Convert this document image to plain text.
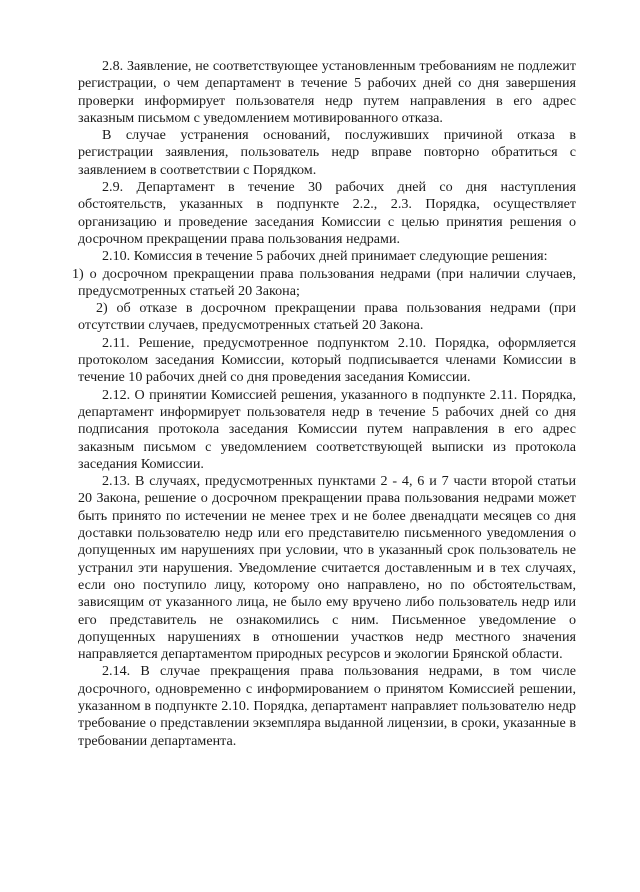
2.8. Заявление, не соответствующее установленным требованиям не подлежит регистрации, о чем департамент в течение 5 рабочих дней со дня завершения проверки информирует пользователя недр путем направления в его адрес заказным письмом с уведомлением мотивированного отказа.

В случае устранения оснований, послуживших причиной отказа в регистрации заявления, пользователь недр вправе повторно обратиться с заявлением в соответствии с Порядком.

2.9. Департамент в течение 30 рабочих дней со дня наступления обстоятельств, указанных в подпункте 2.2., 2.3. Порядка, осуществляет организацию и проведение заседания Комиссии с целью принятия решения о досрочном прекращении права пользования недрами.

2.10. Комиссия в течение 5 рабочих дней принимает следующие решения:

1) о досрочном прекращении права пользования недрами (при наличии случаев, предусмотренных статьей 20 Закона;

2) об отказе в досрочном прекращении права пользования недрами (при отсутствии случаев, предусмотренных статьей 20 Закона.

2.11. Решение, предусмотренное подпунктом 2.10. Порядка, оформляется протоколом заседания Комиссии, который подписывается членами Комиссии в течение 10 рабочих дней со дня проведения заседания Комиссии.

2.12. О принятии Комиссией решения, указанного в подпункте 2.11. Порядка, департамент информирует пользователя недр в течение 5 рабочих дней со дня подписания протокола заседания Комиссии путем направления в его адрес заказным письмом с уведомлением соответствующей выписки из протокола заседания Комиссии.

2.13. В случаях, предусмотренных пунктами 2 - 4, 6 и 7 части второй статьи 20 Закона, решение о досрочном прекращении права пользования недрами может быть принято по истечении не менее трех и не более двенадцати месяцев со дня доставки пользователю недр или его представителю письменного уведомления о допущенных им нарушениях при условии, что в указанный срок пользователь не устранил эти нарушения. Уведомление считается доставленным и в тех случаях, если оно поступило лицу, которому оно направлено, но по обстоятельствам, зависящим от указанного лица, не было ему вручено либо пользователь недр или его представитель не ознакомились с ним. Письменное уведомление о допущенных нарушениях в отношении участков недр местного значения направляется департаментом природных ресурсов и экологии Брянской области.

2.14. В случае прекращения права пользования недрами, в том числе досрочного, одновременно с информированием о принятом Комиссией решении, указанном в подпункте 2.10. Порядка, департамент направляет пользователю недр требование о представлении экземпляра выданной лицензии, в сроки, указанные в требовании департамента.
